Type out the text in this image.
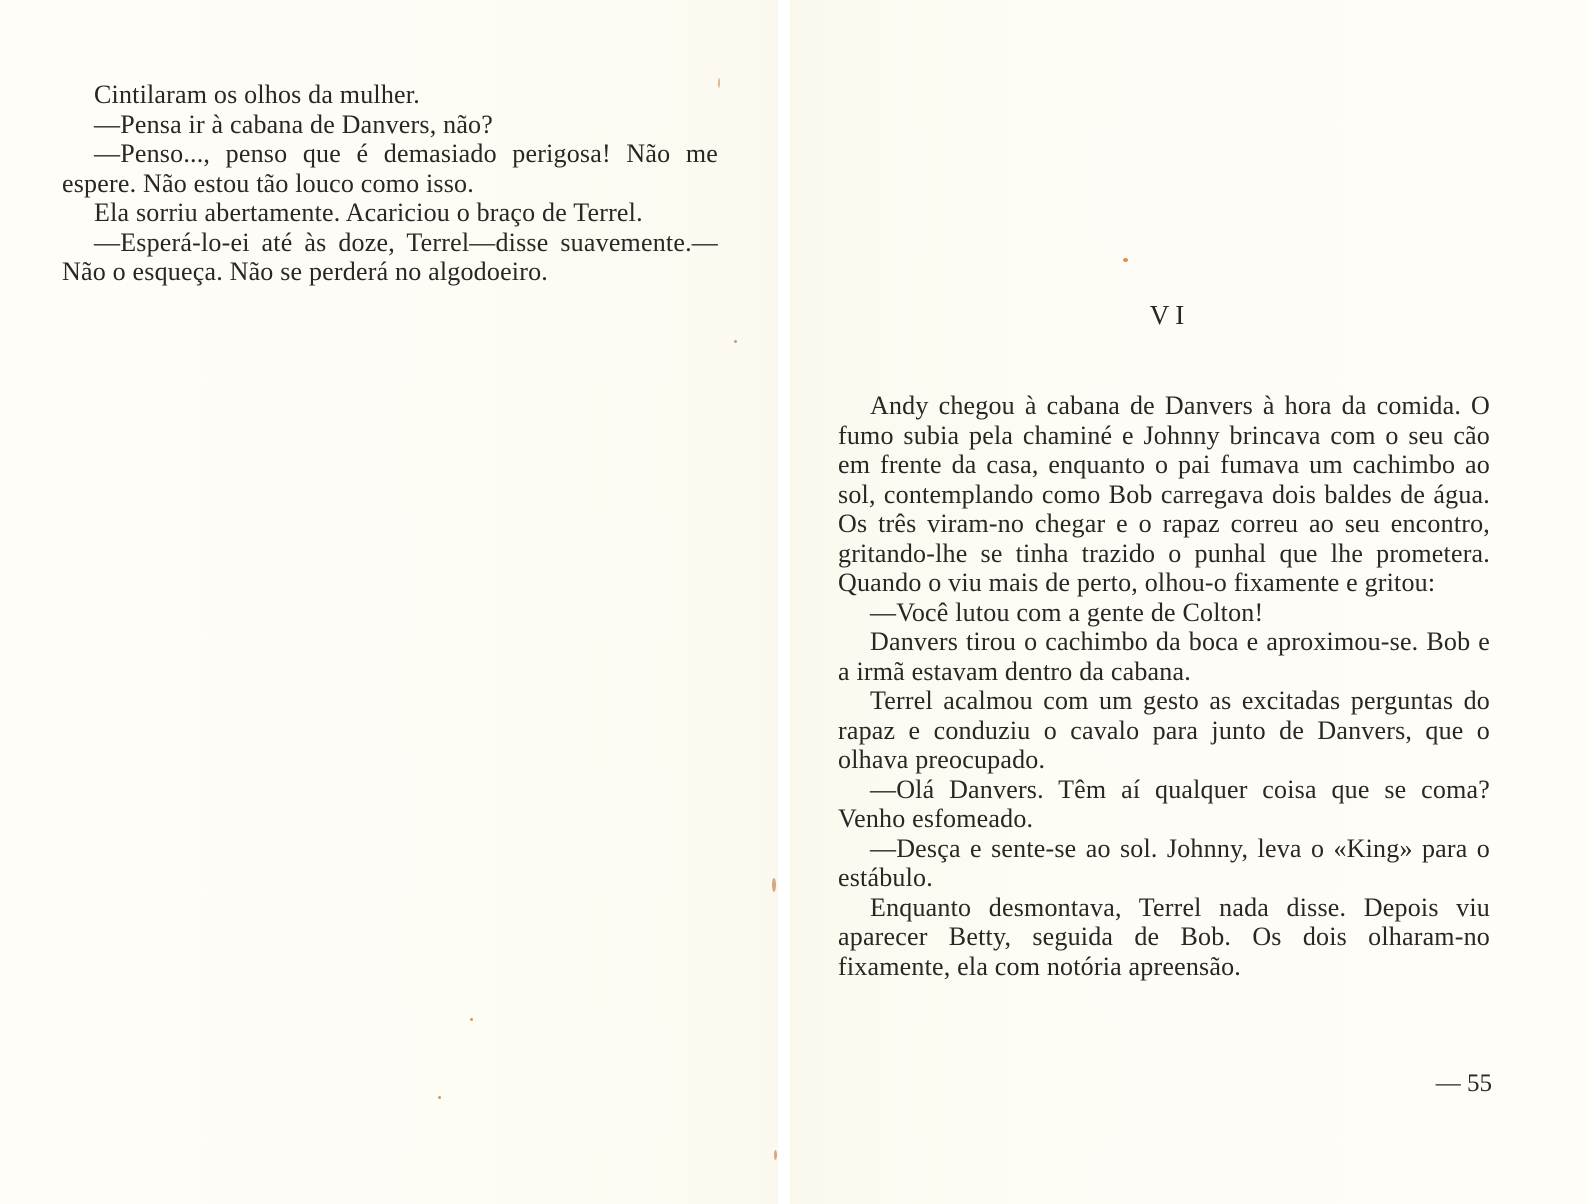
Cintilaram os olhos da mulher.

—Pensa ir à cabana de Danvers, não?

—Penso..., penso que é demasiado perigosa! Não me espere. Não estou tão louco como isso.

Ela sorriu abertamente. Acariciou o braço de Terrel.

—Esperá-lo-ei até às doze, Terrel—disse suavemente.—Não o esqueça. Não se perderá no algodoeiro.

VI

Andy chegou à cabana de Danvers à hora da comida. O fumo subia pela chaminé e Johnny brincava com o seu cão em frente da casa, enquanto o pai fumava um cachimbo ao sol, contemplando como Bob carregava dois baldes de água. Os três viram-no chegar e o rapaz correu ao seu encontro, gritando-lhe se tinha trazido o punhal que lhe prometera. Quando o viu mais de perto, olhou-o fixamente e gritou:

—Você lutou com a gente de Colton!

Danvers tirou o cachimbo da boca e aproximou-se. Bob e a irmã estavam dentro da cabana.

Terrel acalmou com um gesto as excitadas perguntas do rapaz e conduziu o cavalo para junto de Danvers, que o olhava preocupado.

—Olá Danvers. Têm aí qualquer coisa que se coma? Venho esfomeado.

—Desça e sente-se ao sol. Johnny, leva o «King» para o estábulo.

Enquanto desmontava, Terrel nada disse. Depois viu aparecer Betty, seguida de Bob. Os dois olharam-no fixamente, ela com notória apreensão.

— 55
